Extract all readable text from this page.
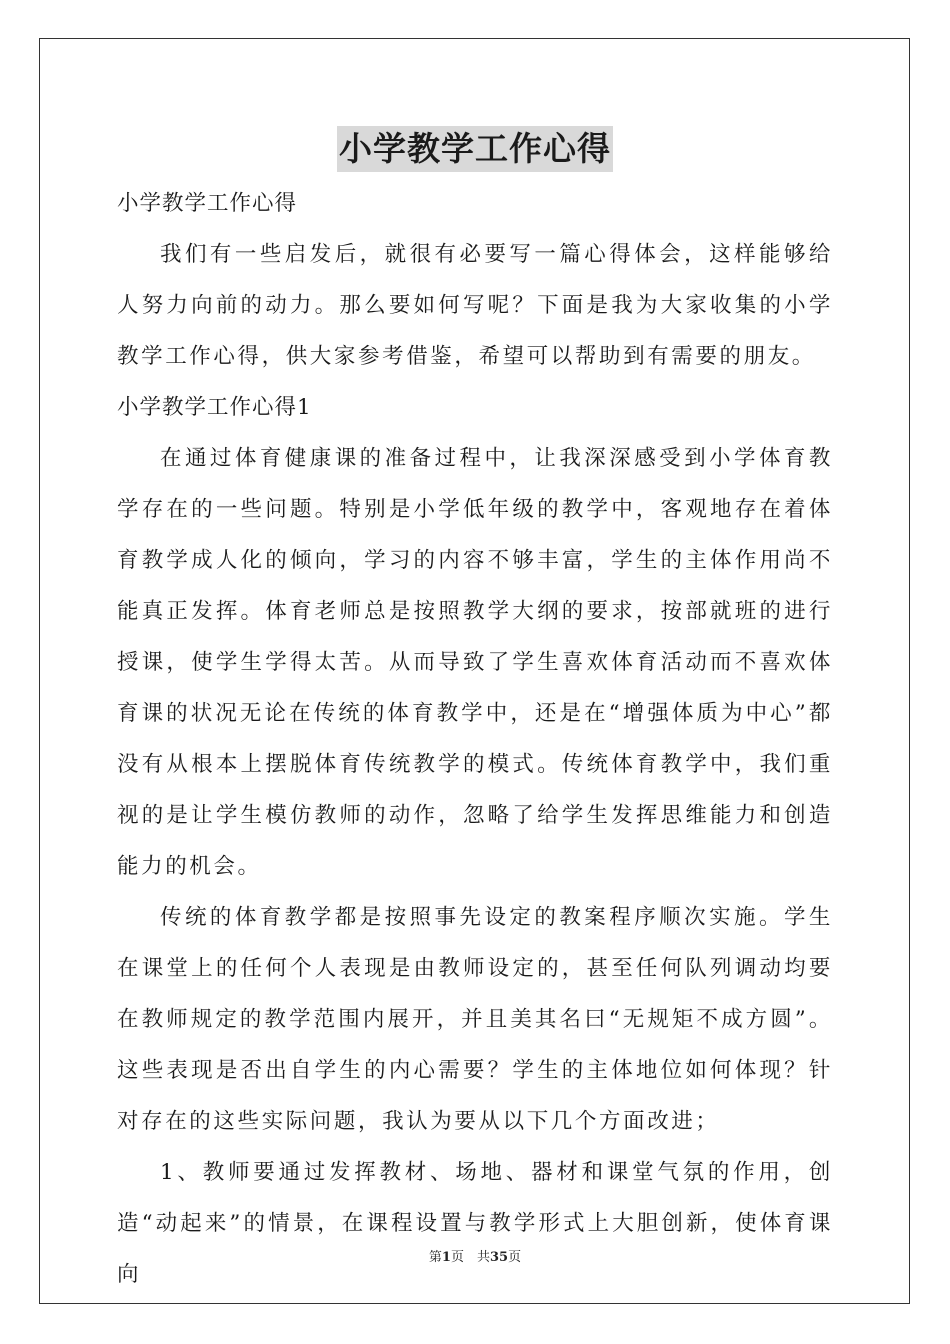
小学教学工作心得

小学教学工作心得

我们有一些启发后，就很有必要写一篇心得体会，这样能够给人努力向前的动力。那么要如何写呢？下面是我为大家收集的小学教学工作心得，供大家参考借鉴，希望可以帮助到有需要的朋友。

小学教学工作心得1

在通过体育健康课的准备过程中，让我深深感受到小学体育教学存在的一些问题。特别是小学低年级的教学中，客观地存在着体育教学成人化的倾向，学习的内容不够丰富，学生的主体作用尚不能真正发挥。体育老师总是按照教学大纲的要求，按部就班的进行授课，使学生学得太苦。从而导致了学生喜欢体育活动而不喜欢体育课的状况无论在传统的体育教学中，还是在“增强体质为中心”都没有从根本上摆脱体育传统教学的模式。传统体育教学中，我们重视的是让学生模仿教师的动作，忽略了给学生发挥思维能力和创造能力的机会。

传统的体育教学都是按照事先设定的教案程序顺次实施。学生在课堂上的任何个人表现是由教师设定的，甚至任何队列调动均要在教师规定的教学范围内展开，并且美其名曰“无规矩不成方圆”。这些表现是否出自学生的内心需要？学生的主体地位如何体现？针对存在的这些实际问题，我认为要从以下几个方面改进；

1、教师要通过发挥教材、场地、器材和课堂气氛的作用，创造“动起来”的情景，在课程设置与教学形式上大胆创新，使体育课向

第1页　共35页
